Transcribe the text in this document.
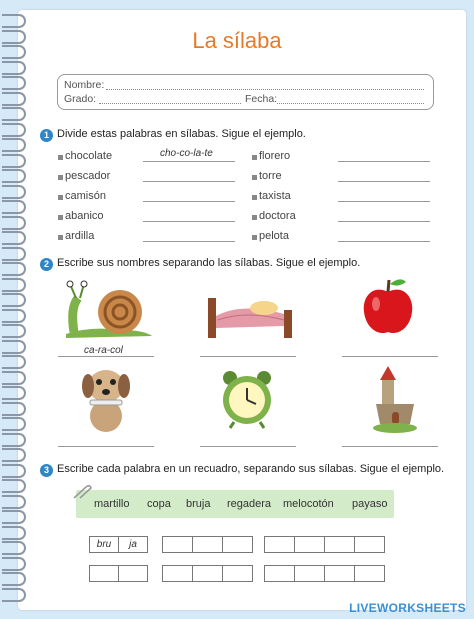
La sílaba
Nombre:
Grado:	Fecha:
1 Divide estas palabras en sílabas. Sigue el ejemplo.
chocolate	cho-co-la-te
pescador
camisón
abanico
ardilla
florero
torre
taxista
doctora
pelota
2 Escribe sus nombres separando las sílabas. Sigue el ejemplo.
ca-ra-col
3 Escribe cada palabra en un recuadro, separando sus sílabas. Sigue el ejemplo.
martillo copa bruja regadera melocotón payaso
bru	ja
LIVEWORKSHEETS
